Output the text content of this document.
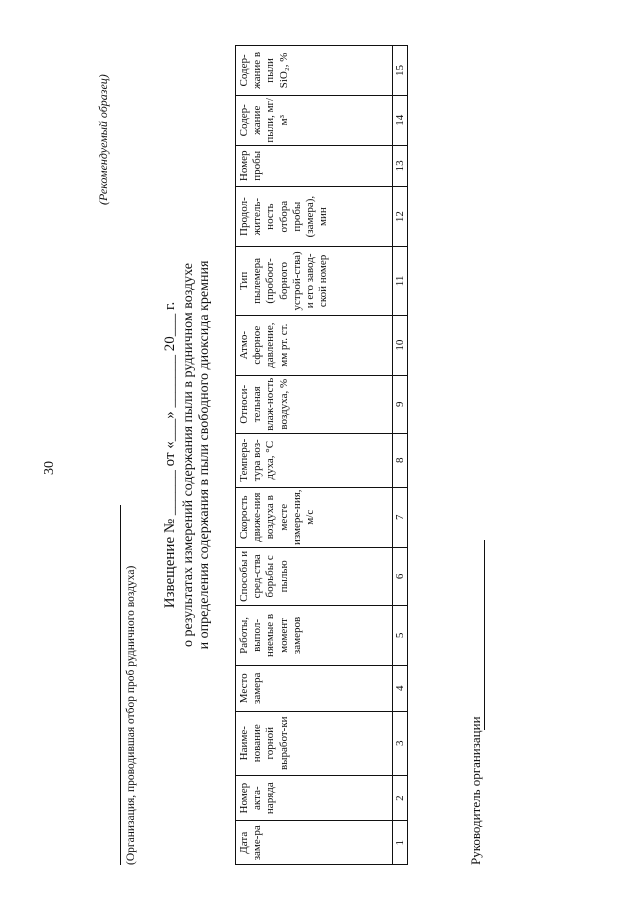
30
(Рекомендуемый образец)
(Организация, проводившая отбор проб рудничного воздуха)

Извещение № ______ от «___» _______ 20___ г. о результатах измерений содержания пыли в рудничном воздухе и определения содержания в пыли свободного диоксида кремния

Дата заме-ра	Номер акта-наряда	Наиме-нование горной выработ-ки	Место замера	Работы, выпол-няемые в момент замеров	Способы и сред-ства борьбы с пылью	Скорость движе-ния воздуха в месте измере-ния, м/с	Темпера-тура воз-духа, °С	Относи-тельная влаж-ность воздуха, %	Атмо-сферное давление, мм рт. ст.	Тип пылемера (пробоот-борного устрой-ства) и его завод-ской номер	Продол-житель-ность отбора пробы (замера), мин	Номер пробы	Содер-жание пыли, мг/м³	Содер-жание в пыли SiO₂, %
1	2	3	4	5	6	7	8	9	10	11	12	13	14	15
Руководитель организации
